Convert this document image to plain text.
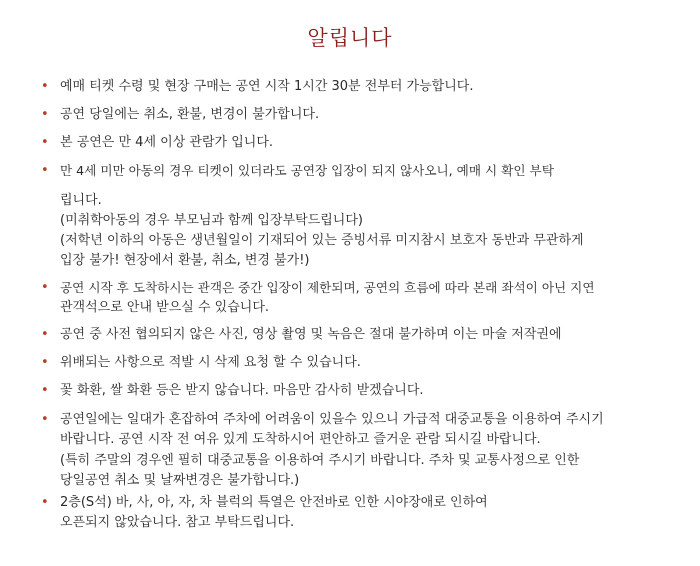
알립니다
• 예매 티켓 수령 및 현장 구매는 공연 시작 1시간 30분 전부터 가능합니다.
• 공연 당일에는 취소, 환불, 변경이 불가합니다.
• 본 공연은 만 4세 이상 관람가 입니다.
• 만 4세 미만 아동의 경우 티켓이 있더라도 공연장 입장이 되지 않사오니, 예매 시 확인 부탁
립니다.
(미취학아동의 경우 부모님과 함께 입장부탁드립니다)
(저학년 이하의 아동은 생년월일이 기재되어 있는 증빙서류 미지참시 보호자 동반과 무관하게
입장 불가! 현장에서 환불, 취소, 변경 불가!)
• 공연 시작 후 도착하시는 관객은 중간 입장이 제한되며, 공연의 흐름에 따라 본래 좌석이 아닌 지연
관객석으로 안내 받으실 수 있습니다.
• 공연 중 사전 협의되지 않은 사진, 영상 촬영 및 녹음은 절대 불가하며 이는 마술 저작권에
• 위배되는 사항으로 적발 시 삭제 요청 할 수 있습니다.
• 꽃 화환, 쌀 화환 등은 받지 않습니다. 마음만 감사히 받겠습니다.
• 공연일에는 일대가 혼잡하여 주차에 어려움이 있을수 있으니 가급적 대중교통을 이용하여 주시기
바랍니다. 공연 시작 전 여유 있게 도착하시어 편안하고 즐거운 관람 되시길 바랍니다.
(특히 주말의 경우엔 필히 대중교통을 이용하여 주시기 바랍니다. 주차 및 교통사정으로 인한
당일공연 취소 및 날짜변경은 불가합니다.)
• 2층(S석) 바, 사, 아, 자, 차 블럭의 특열은 안전바로 인한 시야장애로 인하여
오픈되지 않았습니다. 참고 부탁드립니다.
